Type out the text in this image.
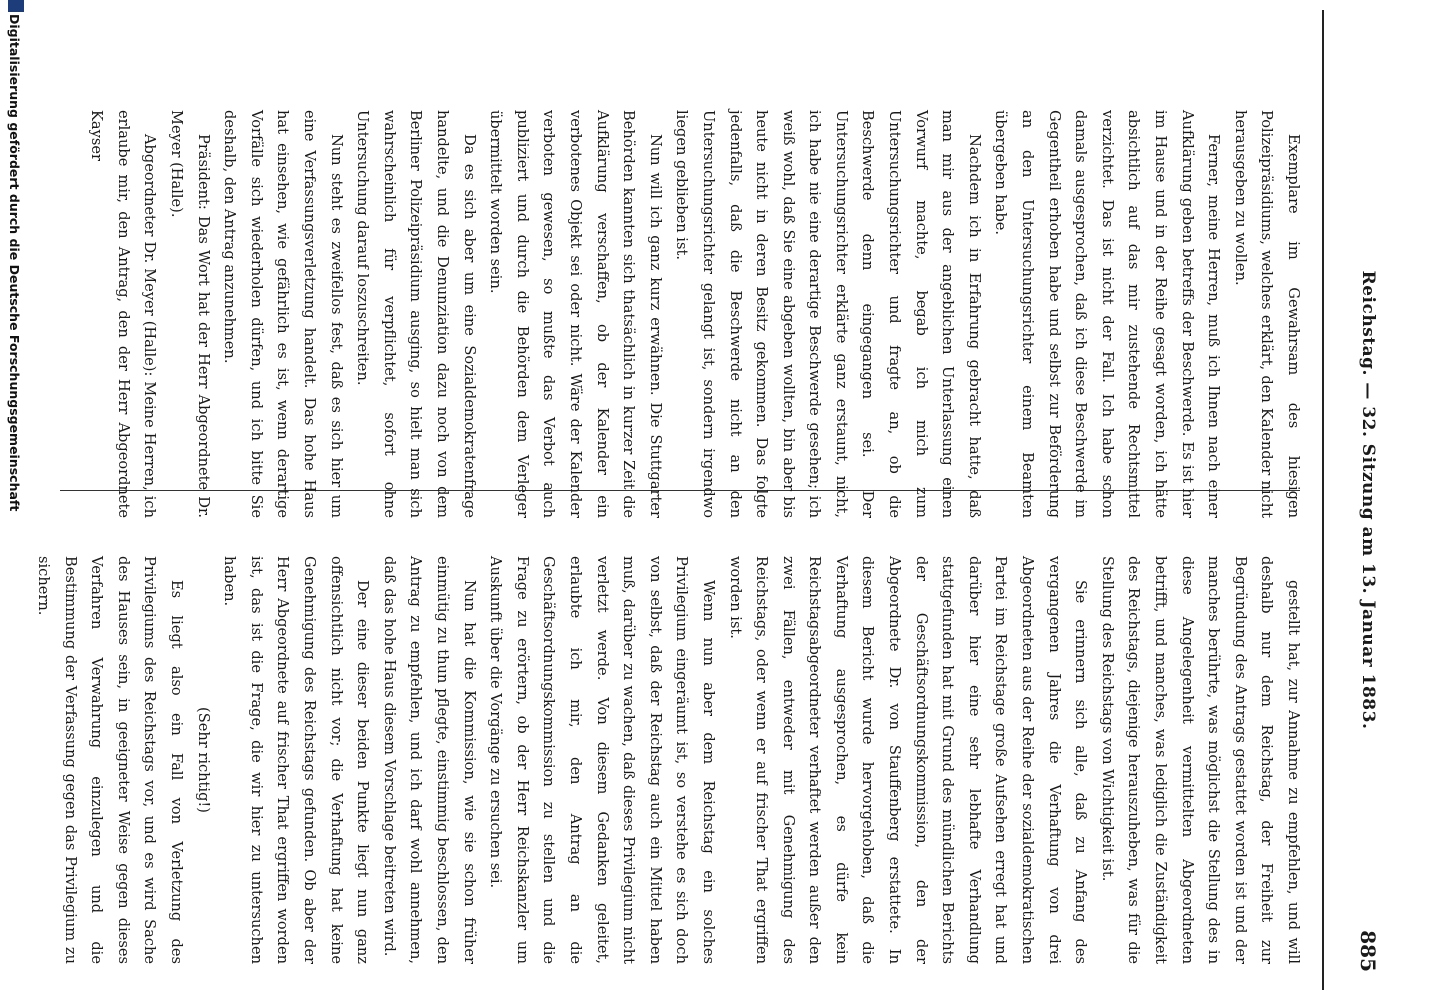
Reichstag. — 32. Sitzung am 13. Januar 1883.
885

gestellt hat, zur Annahme zu empfehlen, und will deshalb nur dem Reichstag, der Freiheit zur Begründung des Antrags gestattet worden ist und der manches berührte, was möglichst die Stellung des in diese Angelegenheit vermittelten Abgeordneten betrifft, und manches, was lediglich die Zuständigkeit des Reichstags, diejenige herauszuheben, was für die Stellung des Reichstags von Wichtigkeit ist.

Sie erinnern sich alle, daß zu Anfang des vergangenen Jahres die Verhaftung von drei Abgeordneten aus der Reihe der sozialdemokratischen Partei im Reichstage große Aufsehen erregt hat und darüber hier eine sehr lebhafte Verhandlung stattgefunden hat mit Grund des mündlichen Berichts der Geschäftsordnungskommission, den der Abgeordnete Dr. von Stauffenberg erstattete. In diesem Bericht wurde hervorgehoben, daß die Verhaftung ausgesprochen, es dürfe kein Reichstagsabgeordneter verhaftet werden außer den zwei Fällen, entweder mit Genehmigung des Reichstags, oder wenn er auf frischer That ergriffen worden ist.

Wenn nun aber dem Reichstag ein solches Privilegium eingeräumt ist, so verstehe es sich doch von selbst, daß der Reichstag auch ein Mittel haben muß, darüber zu wachen, daß dieses Privilegium nicht verletzt werde. Von diesem Gedanken geleitet, erlaubte ich mir, den Antrag an die Geschäftsordnungskommission zu stellen und die Frage zu erörtern, ob der Herr Reichskanzler um Auskunft über die Vorgänge zu ersuchen sei.

Nun hat die Kommission, wie sie schon früher einmütig zu thun pflegte, einstimmig beschlossen, den Antrag zu empfehlen, und ich darf wohl annehmen, daß das hohe Haus diesem Vorschlage beitreten wird.

Der eine dieser beiden Punkte liegt nun ganz offensichtlich nicht vor; die Verhaftung hat keine Genehmigung des Reichstags gefunden. Ob aber der Herr Abgeordnete auf frischer That ergriffen worden ist, das ist die Frage, die wir hier zu untersuchen haben.

(Sehr richtig!)

Es liegt also ein Fall von Verletzung des Privilegiums des Reichstags vor, und es wird Sache des Hauses sein, in geeigneter Weise gegen dieses Verfahren Verwahrung einzulegen und die Bestimmung der Verfassung gegen das Privilegium zu sichern.

Exemplare im Gewahrsam des hiesigen Polizeipräsidiums, welches erklärt, den Kalender nicht herausgeben zu wollen.

Ferner, meine Herren, muß ich Ihnen nach einer Aufklärung geben betreffs der Beschwerde. Es ist hier im Hause und in der Reihe gesagt worden, ich hätte absichtlich auf das mir zustehende Rechtsmittel verzichtet. Das ist nicht der Fall. Ich habe schon damals ausgesprochen, daß ich diese Beschwerde im Gegentheil erhoben habe und selbst zur Beförderung an den Untersuchungsrichter einem Beamten übergeben habe.

Nachdem ich in Erfahrung gebracht hatte, daß man mir aus der angeblichen Unterlassung einen Vorwurf machte, begab ich mich zum Untersuchungsrichter und fragte an, ob die Beschwerde denn eingegangen sei. Der Untersuchungsrichter erklärte ganz erstaunt, nicht, ich habe nie eine derartige Beschwerde gesehen; ich weiß wohl, daß Sie eine abgeben wollten, bin aber bis heute nicht in deren Besitz gekommen. Das folgte jedenfalls, daß die Beschwerde nicht an den Untersuchungsrichter gelangt ist, sondern irgendwo liegen geblieben ist.

Nun will ich ganz kurz erwähnen. Die Stuttgarter Behörden kannten sich thatsächlich in kurzer Zeit die Aufklärung verschaffen, ob der Kalender ein verbotenes Objekt sei oder nicht. Wäre der Kalender verboten gewesen, so mußte das Verbot auch publiziert und durch die Behörden dem Verleger übermittelt worden sein.

Da es sich aber um eine Sozialdemokratenfrage handelte, und die Denunziation dazu noch von dem Berliner Polizeipräsidium ausging, so hielt man sich wahrscheinlich für verpflichtet, sofort ohne Untersuchung darauf loszuschreiten.

Nun steht es zweifellos fest, daß es sich hier um eine Verfassungsverletzung handelt. Das hohe Haus hat einsehen, wie gefährlich es ist, wenn derartige Vorfälle sich wiederholen dürfen, und ich bitte Sie deshalb, den Antrag anzunehmen.

Präsident: Das Wort hat der Herr Abgeordnete Dr. Meyer (Halle).

Abgeordneter Dr. Meyer (Halle): Meine Herren, ich erlaube mir, den Antrag, den der Herr Abgeordnete Kayser

Digitalisierung gefördert durch die Deutsche Forschungsgemeinschaft
